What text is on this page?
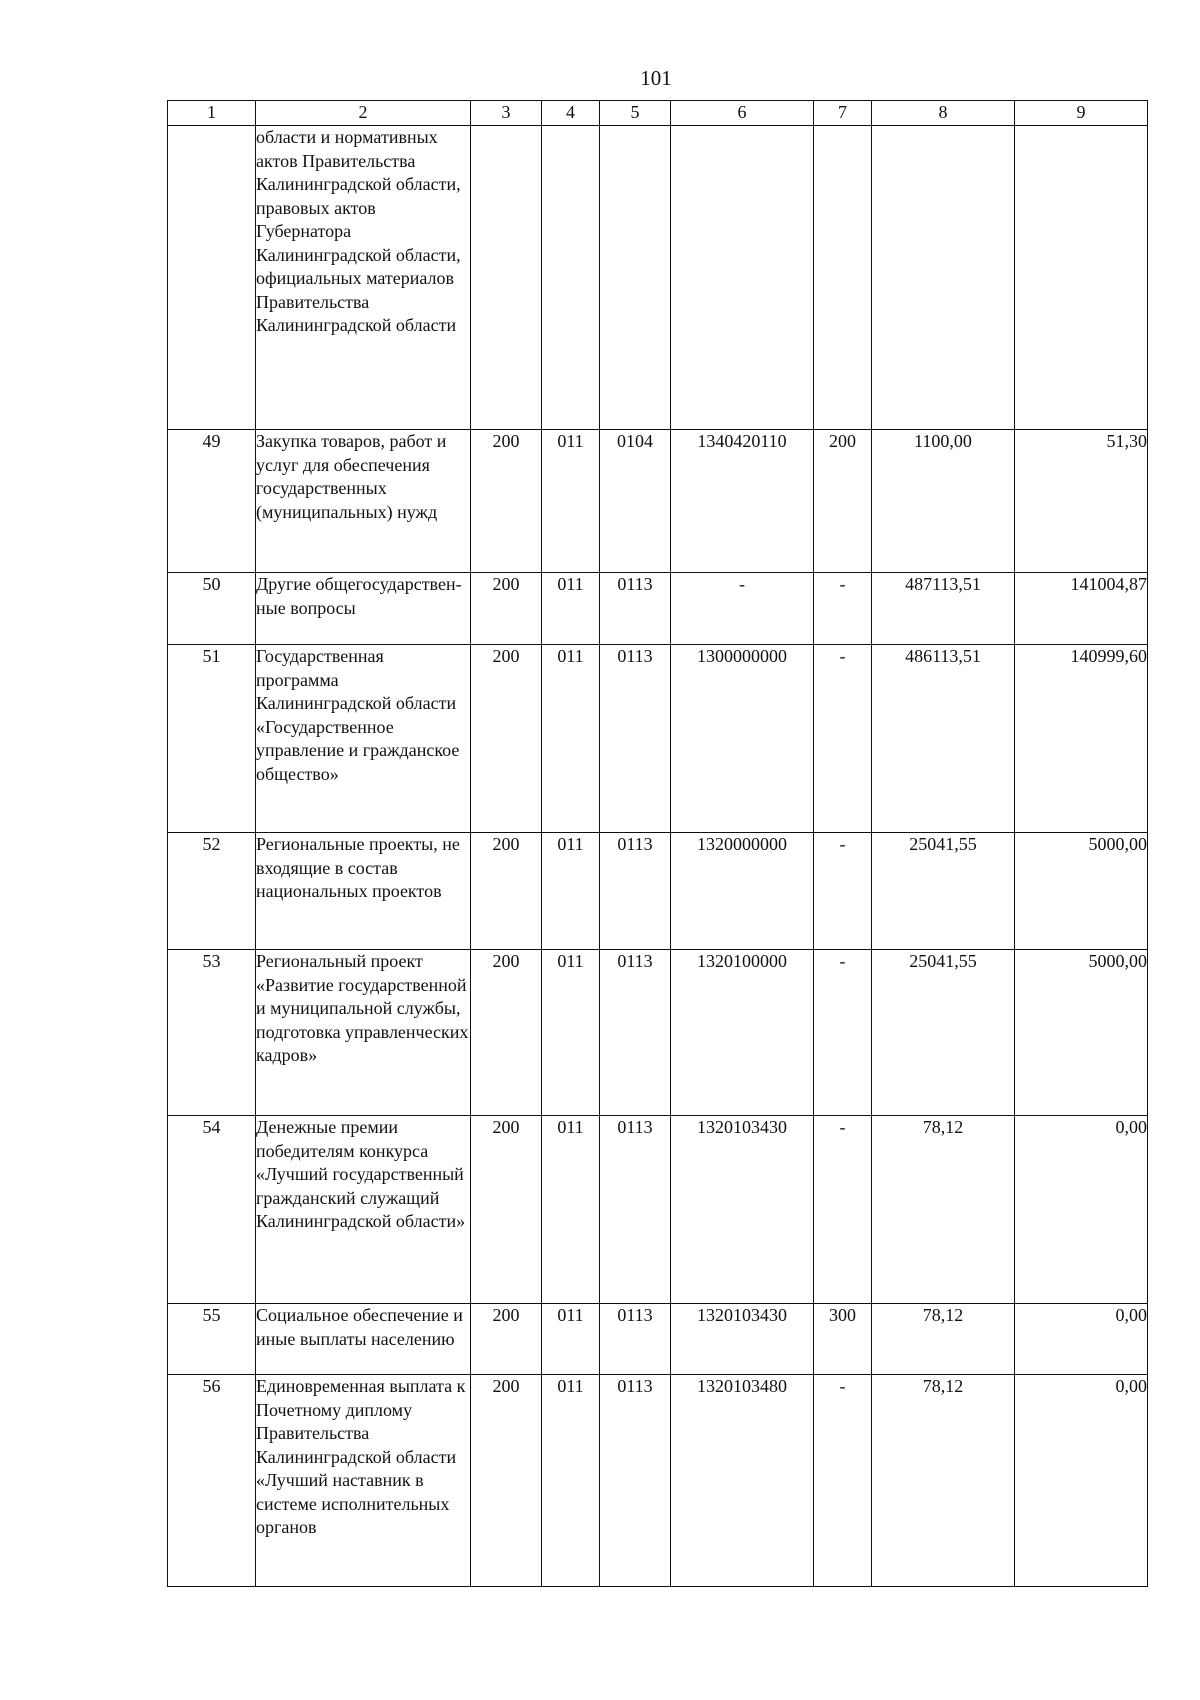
101
1	2	3	4	5	6	7	8	9
	области и нормативных актов Правительства Калининградской области, правовых актов Губернатора Калининградской области, официальных материалов Правительства Калининградской области							
49	Закупка товаров, работ и услуг для обеспечения государственных (муниципальных) нужд	200	011	0104	1340420110	200	1100,00	51,30
50	Другие общегосударствен-ные вопросы	200	011	0113	-	-	487113,51	141004,87
51	Государственная программа Калининградской области «Государственное управление и гражданское общество»	200	011	0113	1300000000	-	486113,51	140999,60
52	Региональные проекты, не входящие в состав национальных проектов	200	011	0113	1320000000	-	25041,55	5000,00
53	Региональный проект «Развитие государственной и муниципальной службы, подготовка управленческих кадров»	200	011	0113	1320100000	-	25041,55	5000,00
54	Денежные премии победителям конкурса «Лучший государственный гражданский служащий Калининградской области»	200	011	0113	1320103430	-	78,12	0,00
55	Социальное обеспечение и иные выплаты населению	200	011	0113	1320103430	300	78,12	0,00
56	Единовременная выплата к Почетному диплому Правительства Калининградской области «Лучший наставник в системе исполнительных органов	200	011	0113	1320103480	-	78,12	0,00
